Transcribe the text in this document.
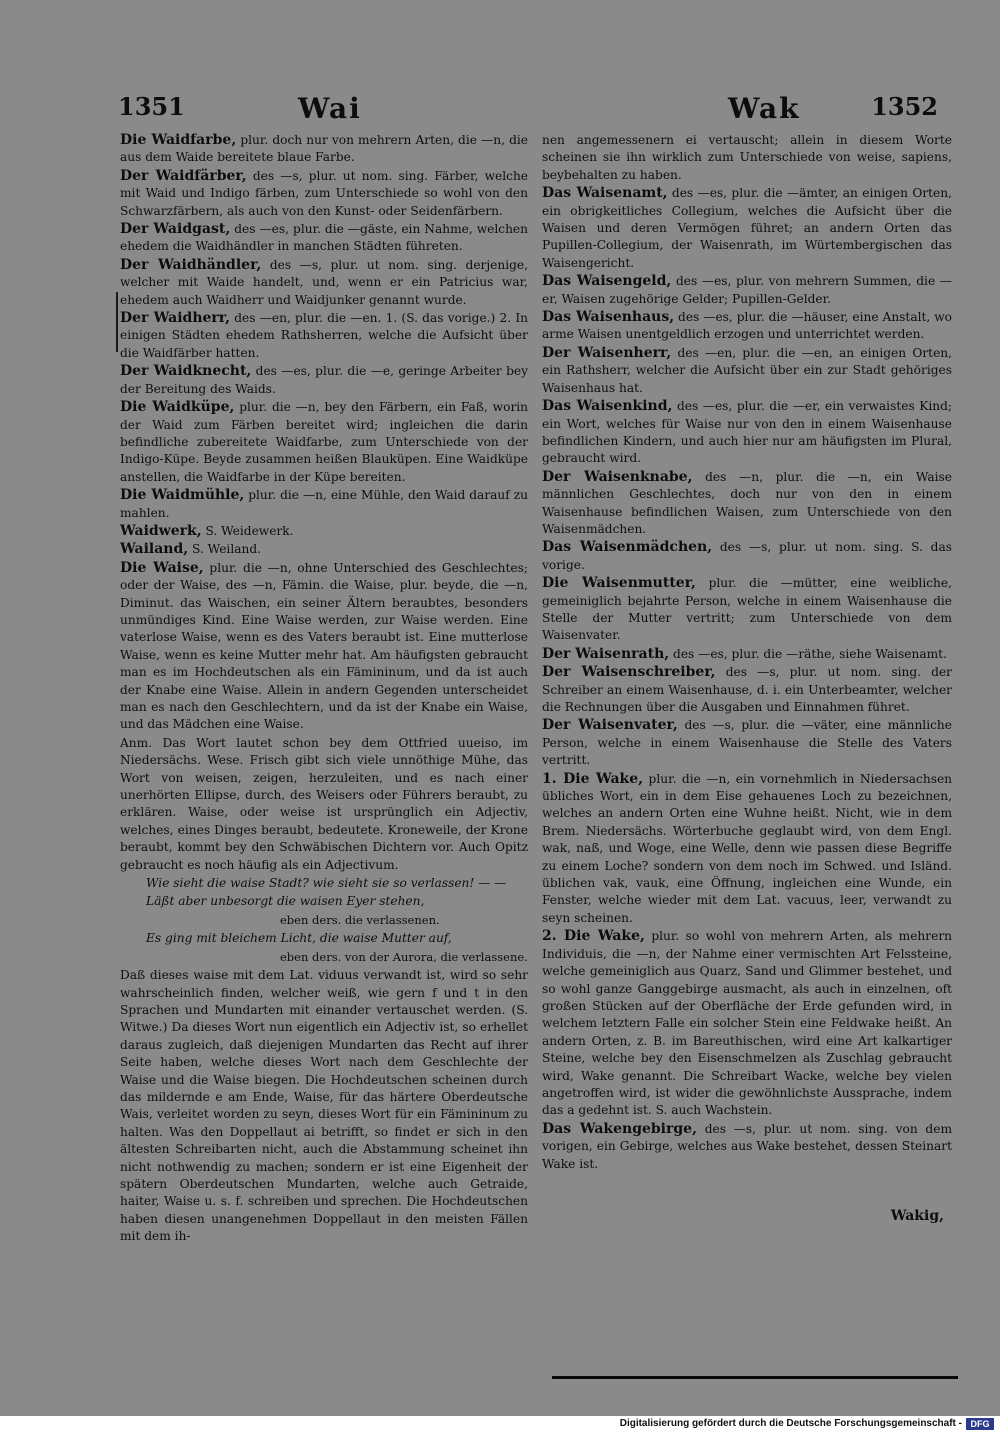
1351	Wai	Wak	1352
Die Waidfarbe, plur. doch nur von mehrern Arten, die —n, die aus dem Waide bereitete blaue Farbe.
Der Waidfärber, des —s, plur. ut nom. sing. Färber, welche mit Waid und Indigo färben, zum Unterschiede so wohl von den Schwarzfärbern, als auch von den Kunst- oder Seidenfärbern.
Der Waidgast, des —es, plur. die —gäste, ein Nahme, welchen ehedem die Waidhändler in manchen Städten führeten.
Der Waidhändler, des —s, plur. ut nom. sing. derjenige, welcher mit Waide handelt, und, wenn er ein Patricius war, ehedem auch Waidherr und Waidjunker genannt wurde.
Der Waidherr, des —en, plur. die —en. 1. (S. das vorige.) 2. In einigen Städten ehedem Rathsherren, welche die Aufsicht über die Waidfärber hatten.
Der Waidknecht, des —es, plur. die —e, geringe Arbeiter bey der Bereitung des Waids.
Die Waidküpe, plur. die —n, bey den Färbern, ein Faß, worin der Waid zum Färben bereitet wird; ingleichen die darin befindliche zubereitete Waidfarbe, zum Unterschiede von der Indigo-Küpe. Beyde zusammen heißen Blauküpen. Eine Waidküpe anstellen, die Waidfarbe in der Küpe bereiten.
Die Waidmühle, plur. die —n, eine Mühle, den Waid darauf zu mahlen.
Waidwerk, S. Weidewerk.
Wailand, S. Weiland.
Die Waise, plur. die —n, ohne Unterschied des Geschlechtes; oder der Waise, des —n, Fämin. die Waise, plur. beyde, die —n, Diminut. das Waischen, ein seiner Ältern beraubtes, besonders unmündiges Kind. Eine Waise werden, zur Waise werden. Eine vaterlose Waise, wenn es des Vaters beraubt ist. Eine mutterlose Waise, wenn es keine Mutter mehr hat. Am häufigsten gebraucht man es im Hochdeutschen als ein Fämininum, und da ist auch der Knabe eine Waise. Allein in andern Gegenden unterscheidet man es nach den Geschlechtern, und da ist der Knabe ein Waise, und das Mädchen eine Waise.
Anm. Das Wort lautet schon bey dem Ottfried uueiso, im Niedersächs. Wese. Frisch gibt sich viele unnöthige Mühe, das Wort von weisen, zeigen, herzuleiten, und es nach einer unerhörten Ellipse, durch, des Weisers oder Führers beraubt, zu erklären. Waise, oder weise ist ursprünglich ein Adjectiv, welches, eines Dinges beraubt, bedeutete. Kroneweile, der Krone beraubt, kommt bey den Schwäbischen Dichtern vor. Auch Opitz gebraucht es noch häufig als ein Adjectivum.
Wie sieht die waise Stadt? wie sieht sie so verlassen! — —
Läßt aber unbesorgt die waisen Eyer stehen,
eben ders. die verlassenen.
Es ging mit bleichem Licht, die waise Mutter auf,
eben ders. von der Aurora, die verlassene.
Daß dieses waise mit dem Lat. viduus verwandt ist, wird so sehr wahrscheinlich finden, welcher weiß, wie gern f und t in den Sprachen und Mundarten mit einander vertauschet werden. (S. Witwe.) Da dieses Wort nun eigentlich ein Adjectiv ist, so erhellet daraus zugleich, daß diejenigen Mundarten das Recht auf ihrer Seite haben, welche dieses Wort nach dem Geschlechte der Waise und die Waise biegen. Die Hochdeutschen scheinen durch das mildernde e am Ende, Waise, für das härtere Oberdeutsche Wais, verleitet worden zu seyn, dieses Wort für ein Fämininum zu halten. Was den Doppellaut ai betrifft, so findet er sich in den ältesten Schreibarten nicht, auch die Abstammung scheinet ihn nicht nothwendig zu machen; sondern er ist eine Eigenheit der spätern Oberdeutschen Mundarten, welche auch Getraide, haiter, Waise u. s. f. schreiben und sprechen. Die Hochdeutschen haben diesen unangenehmen Doppellaut in den meisten Fällen mit dem ih-
nen angemessenern ei vertauscht; allein in diesem Worte scheinen sie ihn wirklich zum Unterschiede von weise, sapiens, beybehalten zu haben.
Das Waisenamt, des —es, plur. die —ämter, an einigen Orten, ein obrigkeitliches Collegium, welches die Aufsicht über die Waisen und deren Vermögen führet; an andern Orten das Pupillen-Collegium, der Waisenrath, im Würtembergischen das Waisengericht.
Das Waisengeld, des —es, plur. von mehrern Summen, die —er, Waisen zugehörige Gelder; Pupillen-Gelder.
Das Waisenhaus, des —es, plur. die —häuser, eine Anstalt, wo arme Waisen unentgeldlich erzogen und unterrichtet werden.
Der Waisenherr, des —en, plur. die —en, an einigen Orten, ein Rathsherr, welcher die Aufsicht über ein zur Stadt gehöriges Waisenhaus hat.
Das Waisenkind, des —es, plur. die —er, ein verwaistes Kind; ein Wort, welches für Waise nur von den in einem Waisenhause befindlichen Kindern, und auch hier nur am häufigsten im Plural, gebraucht wird.
Der Waisenknabe, des —n, plur. die —n, ein Waise männlichen Geschlechtes, doch nur von den in einem Waisenhause befindlichen Waisen, zum Unterschiede von den Waisenmädchen.
Das Waisenmädchen, des —s, plur. ut nom. sing. S. das vorige.
Die Waisenmutter, plur. die —mütter, eine weibliche, gemeiniglich bejahrte Person, welche in einem Waisenhause die Stelle der Mutter vertritt; zum Unterschiede von dem Waisenvater.
Der Waisenrath, des —es, plur. die —räthe, siehe Waisenamt.
Der Waisenschreiber, des —s, plur. ut nom. sing. der Schreiber an einem Waisenhause, d. i. ein Unterbeamter, welcher die Rechnungen über die Ausgaben und Einnahmen führet.
Der Waisenvater, des —s, plur. die —väter, eine männliche Person, welche in einem Waisenhause die Stelle des Vaters vertritt.
1. Die Wake, plur. die —n, ein vornehmlich in Niedersachsen übliches Wort, ein in dem Eise gehauenes Loch zu bezeichnen, welches an andern Orten eine Wuhne heißt. Nicht, wie in dem Brem. Niedersächs. Wörterbuche geglaubt wird, von dem Engl. wak, naß, und Woge, eine Welle, denn wie passen diese Begriffe zu einem Loche? sondern von dem noch im Schwed. und Isländ. üblichen vak, vauk, eine Öffnung, ingleichen eine Wunde, ein Fenster, welche wieder mit dem Lat. vacuus, leer, verwandt zu seyn scheinen.
2. Die Wake, plur. so wohl von mehrern Arten, als mehrern Individuis, die —n, der Nahme einer vermischten Art Felssteine, welche gemeiniglich aus Quarz, Sand und Glimmer bestehet, und so wohl ganze Ganggebirge ausmacht, als auch in einzelnen, oft großen Stücken auf der Oberfläche der Erde gefunden wird, in welchem letztern Falle ein solcher Stein eine Feldwake heißt. An andern Orten, z. B. im Bareuthischen, wird eine Art kalkartiger Steine, welche bey den Eisenschmelzen als Zuschlag gebraucht wird, Wake genannt. Die Schreibart Wacke, welche bey vielen angetroffen wird, ist wider die gewöhnlichste Aussprache, indem das a gedehnt ist. S. auch Wachstein.
Das Wakengebirge, des —s, plur. ut nom. sing. von dem vorigen, ein Gebirge, welches aus Wake bestehet, dessen Steinart Wake ist.
Wakig,
Digitalisierung gefördert durch die Deutsche Forschungsgemeinschaft - DFG
